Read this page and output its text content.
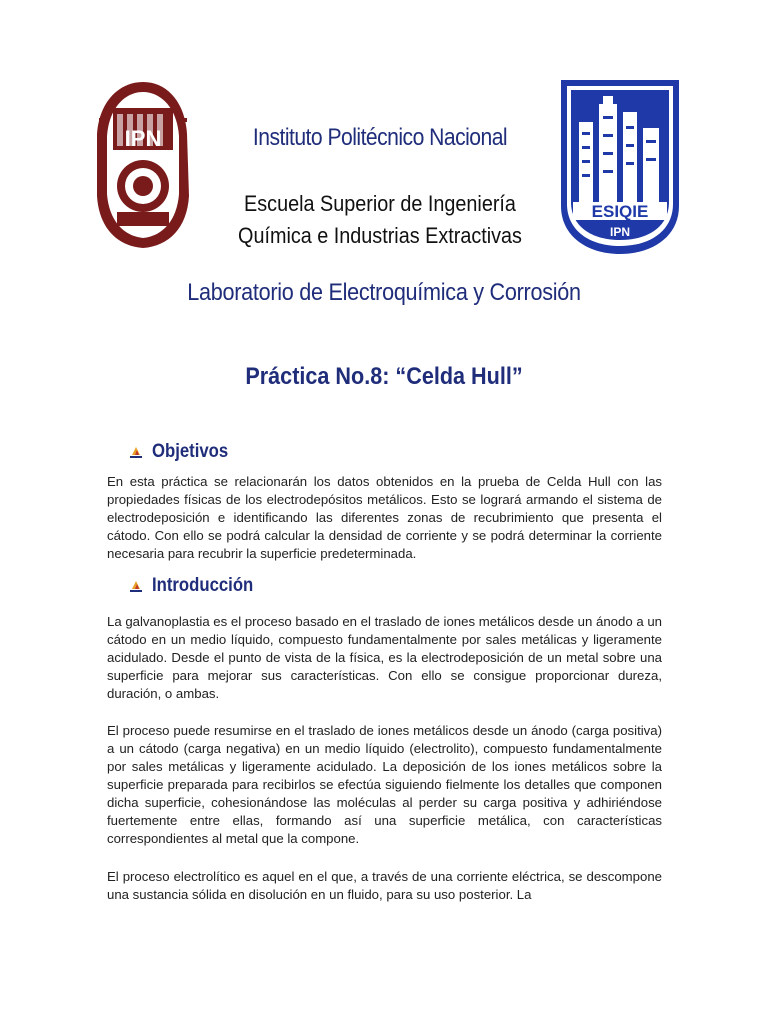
IPN
ESIQIE
IPN
Instituto Politécnico Nacional
Escuela Superior de Ingeniería
Química e Industrias Extractivas
Laboratorio de Electroquímica y Corrosión
Práctica No.8: “Celda Hull”
Objetivos

En esta práctica se relacionarán los datos obtenidos en la prueba de Celda Hull con las propiedades físicas de los electrodepósitos metálicos. Esto se logrará armando el sistema de electrodeposición e identificando las diferentes zonas de recubrimiento que presenta el cátodo. Con ello se podrá calcular la densidad de corriente y se podrá determinar la corriente necesaria para recubrir la superficie predeterminada.

Introducción

La galvanoplastia es el proceso basado en el traslado de iones metálicos desde un ánodo a un cátodo en un medio líquido, compuesto fundamentalmente por sales metálicas y ligeramente acidulado. Desde el punto de vista de la física, es la electrodeposición de un metal sobre una superficie para mejorar sus características. Con ello se consigue proporcionar dureza, duración, o ambas.

El proceso puede resumirse en el traslado de iones metálicos desde un ánodo (carga positiva) a un cátodo (carga negativa) en un medio líquido (electrolito), compuesto fundamentalmente por sales metálicas y ligeramente acidulado. La deposición de los iones metálicos sobre la superficie preparada para recibirlos se efectúa siguiendo fielmente los detalles que componen dicha superficie, cohesionándose las moléculas al perder su carga positiva y adhiriéndose fuertemente entre ellas, formando así una superficie metálica, con características correspondientes al metal que la compone.

El proceso electrolítico es aquel en el que, a través de una corriente eléctrica, se descompone una sustancia sólida en disolución en un fluido, para su uso posterior. La
